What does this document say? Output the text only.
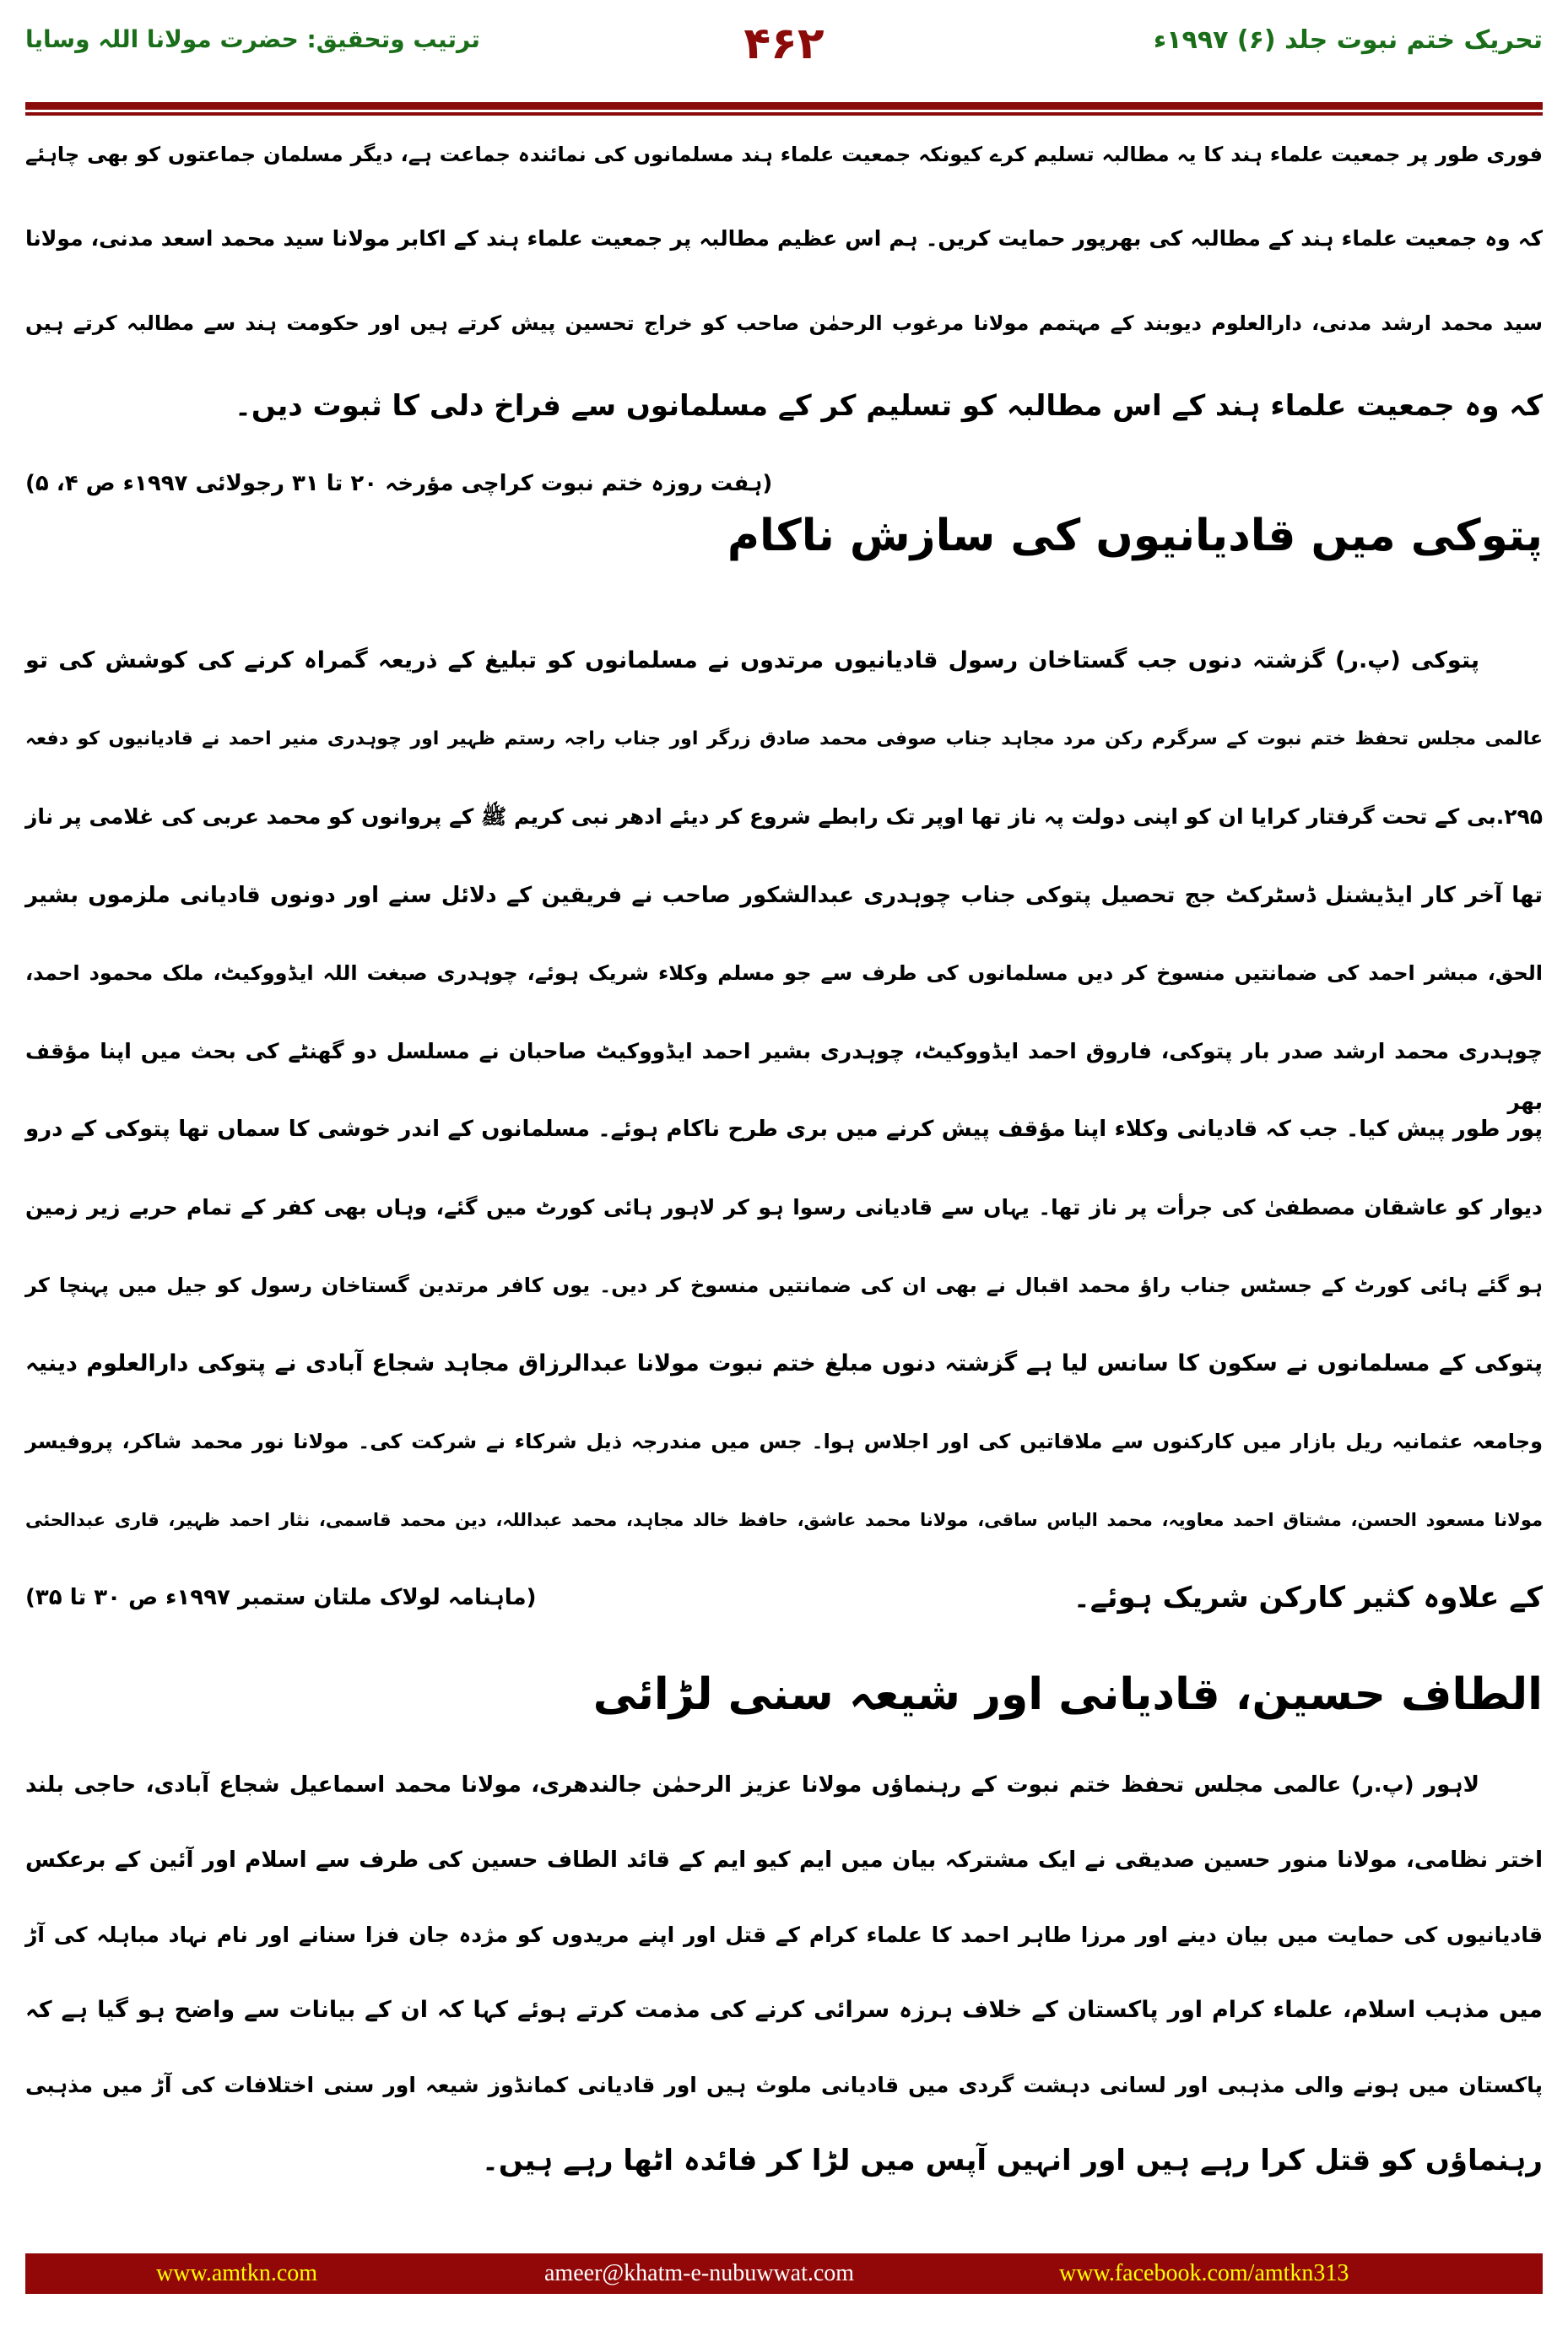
تحریک ختم نبوت جلد (۶) ۱۹۹۷ء
۴۶۲
ترتیب وتحقیق: حضرت مولانا اللہ وسایا
فوری طور پر جمعیت علماء ہند کا یہ مطالبہ تسلیم کرے کیونکہ جمعیت علماء ہند مسلمانوں کی نمائندہ جماعت ہے، دیگر مسلمان جماعتوں کو بھی چاہئے
کہ وہ جمعیت علماء ہند کے مطالبہ کی بھرپور حمایت کریں۔ ہم اس عظیم مطالبہ پر جمعیت علماء ہند کے اکابر مولانا سید محمد اسعد مدنی، مولانا
سید محمد ارشد مدنی، دارالعلوم دیوبند کے مہتمم مولانا مرغوب الرحمٰن صاحب کو خراج تحسین پیش کرتے ہیں اور حکومت ہند سے مطالبہ کرتے ہیں
کہ وہ جمعیت علماء ہند کے اس مطالبہ کو تسلیم کر کے مسلمانوں سے فراخ دلی کا ثبوت دیں۔
(ہفت روزہ ختم نبوت کراچی مؤرخہ ۲۰ تا ۳۱ رجولائی ۱۹۹۷ء ص ۴، ۵)
پتوکی میں قادیانیوں کی سازش ناکام
پتوکی (پ.ر) گزشتہ دنوں جب گستاخان رسول قادیانیوں مرتدوں نے مسلمانوں کو تبلیغ کے ذریعہ گمراہ کرنے کی کوشش کی تو
عالمی مجلس تحفظ ختم نبوت کے سرگرم رکن مرد مجاہد جناب صوفی محمد صادق زرگر اور جناب راجہ رستم ظہیر اور چوہدری منیر احمد نے قادیانیوں کو دفعہ
۲۹۵.بی کے تحت گرفتار کرایا ان کو اپنی دولت پہ ناز تھا اوپر تک رابطے شروع کر دیئے ادھر نبی کریم ﷺ کے پروانوں کو محمد عربی کی غلامی پر ناز
تھا آخر کار ایڈیشنل ڈسٹرکٹ جج تحصیل پتوکی جناب چوہدری عبدالشکور صاحب نے فریقین کے دلائل سنے اور دونوں قادیانی ملزموں بشیر
الحق، مبشر احمد کی ضمانتیں منسوخ کر دیں مسلمانوں کی طرف سے جو مسلم وکلاء شریک ہوئے، چوہدری صبغت اللہ ایڈووکیٹ، ملک محمود احمد،
چوہدری محمد ارشد صدر بار پتوکی، فاروق احمد ایڈووکیٹ، چوہدری بشیر احمد ایڈووکیٹ صاحبان نے مسلسل دو گھنٹے کی بحث میں اپنا مؤقف بھر
پور طور پیش کیا۔ جب کہ قادیانی وکلاء اپنا مؤقف پیش کرنے میں بری طرح ناکام ہوئے۔ مسلمانوں کے اندر خوشی کا سماں تھا پتوکی کے درو
دیوار کو عاشقان مصطفیٰ کی جرأت پر ناز تھا۔ یہاں سے قادیانی رسوا ہو کر لاہور ہائی کورٹ میں گئے، وہاں بھی کفر کے تمام حربے زیر زمین
ہو گئے ہائی کورٹ کے جسٹس جناب راؤ محمد اقبال نے بھی ان کی ضمانتیں منسوخ کر دیں۔ یوں کافر مرتدین گستاخان رسول کو جیل میں پہنچا کر
پتوکی کے مسلمانوں نے سکون کا سانس لیا ہے گزشتہ دنوں مبلغ ختم نبوت مولانا عبدالرزاق مجاہد شجاع آبادی نے پتوکی دارالعلوم دینیہ
وجامعہ عثمانیہ ریل بازار میں کارکنوں سے ملاقاتیں کی اور اجلاس ہوا۔ جس میں مندرجہ ذیل شرکاء نے شرکت کی۔ مولانا نور محمد شاکر، پروفیسر
مولانا مسعود الحسن، مشتاق احمد معاویہ، محمد الیاس ساقی، مولانا محمد عاشق، حافظ خالد مجاہد، محمد عبداللہ، دین محمد قاسمی، نثار احمد ظہیر، قاری عبدالحئی
کے علاوہ کثیر کارکن شریک ہوئے۔
(ماہنامہ لولاک ملتان ستمبر ۱۹۹۷ء ص ۳۰ تا ۳۵)
الطاف حسین، قادیانی اور شیعہ سنی لڑائی
لاہور (پ.ر) عالمی مجلس تحفظ ختم نبوت کے رہنماؤں مولانا عزیز الرحمٰن جالندھری، مولانا محمد اسماعیل شجاع آبادی، حاجی بلند
اختر نظامی، مولانا منور حسین صدیقی نے ایک مشترکہ بیان میں ایم کیو ایم کے قائد الطاف حسین کی طرف سے اسلام اور آئین کے برعکس
قادیانیوں کی حمایت میں بیان دینے اور مرزا طاہر احمد کا علماء کرام کے قتل اور اپنے مریدوں کو مژدہ جان فزا سنانے اور نام نہاد مباہلہ کی آڑ
میں مذہب اسلام، علماء کرام اور پاکستان کے خلاف ہرزہ سرائی کرنے کی مذمت کرتے ہوئے کہا کہ ان کے بیانات سے واضح ہو گیا ہے کہ
پاکستان میں ہونے والی مذہبی اور لسانی دہشت گردی میں قادیانی ملوث ہیں اور قادیانی کمانڈوز شیعہ اور سنی اختلافات کی آڑ میں مذہبی
رہنماؤں کو قتل کرا رہے ہیں اور انہیں آپس میں لڑا کر فائدہ اٹھا رہے ہیں۔
www.amtkn.com	ameer@khatm-e-nubuwwat.com	www.facebook.com/amtkn313
